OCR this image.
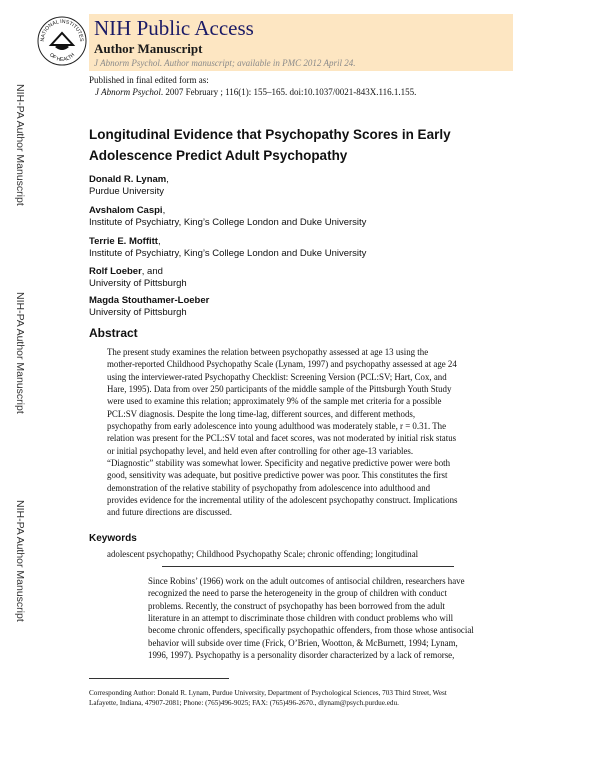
NATIONAL INSTITUTES
OF HEALTH
NIH Public Access
Author Manuscript
J Abnorm Psychol. Author manuscript; available in PMC 2012 April 24.
Published in final edited form as:
J Abnorm Psychol. 2007 February ; 116(1): 155–165. doi:10.1037/0021-843X.116.1.155.
NIH-PA Author Manuscript
NIH-PA Author Manuscript
NIH-PA Author Manuscript
Longitudinal Evidence that Psychopathy Scores in Early
Adolescence Predict Adult Psychopathy
Donald R. Lynam,
Purdue University
Avshalom Caspi,
Institute of Psychiatry, King’s College London and Duke University
Terrie E. Moffitt,
Institute of Psychiatry, King’s College London and Duke University
Rolf Loeber, and
University of Pittsburgh
Magda Stouthamer-Loeber
University of Pittsburgh
Abstract
The present study examines the relation between psychopathy assessed at age 13 using the
mother-reported Childhood Psychopathy Scale (Lynam, 1997) and psychopathy assessed at age 24
using the interviewer-rated Psychopathy Checklist: Screening Version (PCL:SV; Hart, Cox, and
Hare, 1995). Data from over 250 participants of the middle sample of the Pittsburgh Youth Study
were used to examine this relation; approximately 9% of the sample met criteria for a possible
PCL:SV diagnosis. Despite the long time-lag, different sources, and different methods,
psychopathy from early adolescence into young adulthood was moderately stable, r = 0.31. The
relation was present for the PCL:SV total and facet scores, was not moderated by initial risk status
or initial psychopathy level, and held even after controlling for other age-13 variables.
“Diagnostic” stability was somewhat lower. Specificity and negative predictive power were both
good, sensitivity was adequate, but positive predictive power was poor. This constitutes the first
demonstration of the relative stability of psychopathy from adolescence into adulthood and
provides evidence for the incremental utility of the adolescent psychopathy construct. Implications
and future directions are discussed.
Keywords
adolescent psychopathy; Childhood Psychopathy Scale; chronic offending; longitudinal
Since Robins’ (1966) work on the adult outcomes of antisocial children, researchers have
recognized the need to parse the heterogeneity in the group of children with conduct
problems. Recently, the construct of psychopathy has been borrowed from the adult
literature in an attempt to discriminate those children with conduct problems who will
become chronic offenders, specifically psychopathic offenders, from those whose antisocial
behavior will subside over time (Frick, O’Brien, Wootton, & McBurnett, 1994; Lynam,
1996, 1997). Psychopathy is a personality disorder characterized by a lack of remorse,
Corresponding Author: Donald R. Lynam, Purdue University, Department of Psychological Sciences, 703 Third Street, West
Lafayette, Indiana, 47907-2081; Phone: (765)496-9025; FAX: (765)496-2670., dlynam@psych.purdue.edu.
